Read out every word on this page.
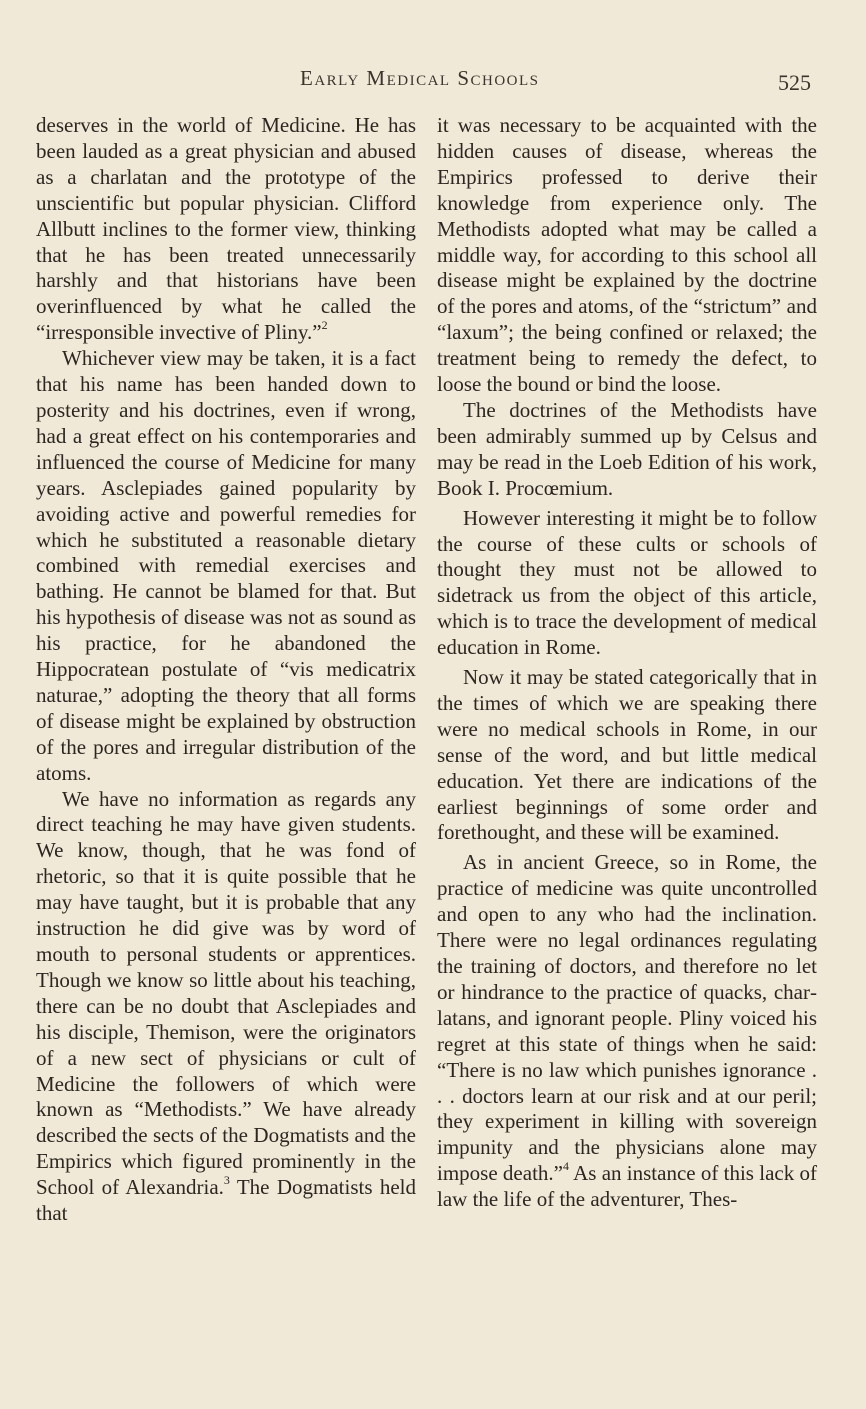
Early Medical Schools	525

deserves in the world of Medicine. He has been lauded as a great physician and abused as a charlatan and the prototype of the unscientific but popular physician. Clifford Allbutt inclines to the former view, thinking that he has been treated unnecessarily harshly and that historians have been overinfluenced by what he called the “irresponsible invective of Pliny.”$^2$

Whichever view may be taken, it is a fact that his name has been handed down to posterity and his doctrines, even if wrong, had a great effect on his contemporaries and influenced the course of Medicine for many years. Asclepiades gained popularity by avoiding active and powerful remedies for which he substituted a reasonable dietary combined with remedial exercises and bathing. He cannot be blamed for that. But his hypothesis of disease was not as sound as his practice, for he abandoned the Hippocratean postulate of “vis medicatrix naturae,” adopting the theory that all forms of disease might be explained by obstruction of the pores and irregular distribution of the atoms.

We have no information as regards any direct teaching he may have given students. We know, though, that he was fond of rhetoric, so that it is quite possible that he may have taught, but it is probable that any instruction he did give was by word of mouth to personal students or apprentices. Though we know so little about his teaching, there can be no doubt that Asclepiades and his disciple, Themison, were the originators of a new sect of physicians or cult of Medicine the followers of which were known as “Methodists.” We have already described the sects of the Dogmatists and the Empirics which figured prominently in the School of Alexandria.$^3$ The Dogmatists held that

it was necessary to be acquainted with the hidden causes of disease, whereas the Empirics professed to derive their knowledge from experience only. The Methodists adopted what may be called a middle way, for according to this school all disease might be explained by the doctrine of the pores and atoms, of the “strictum” and “laxum”; the being confined or relaxed; the treatment being to remedy the defect, to loose the bound or bind the loose.

The doctrines of the Methodists have been admirably summed up by Celsus and may be read in the Loeb Edition of his work, Book I. Procœmium.

However interesting it might be to follow the course of these cults or schools of thought they must not be allowed to sidetrack us from the object of this article, which is to trace the development of medical education in Rome.

Now it may be stated categorically that in the times of which we are speaking there were no medical schools in Rome, in our sense of the word, and but little medical education. Yet there are indications of the earliest beginnings of some order and forethought, and these will be examined.

As in ancient Greece, so in Rome, the practice of medicine was quite uncontrolled and open to any who had the inclination. There were no legal ordinances regulating the training of doctors, and therefore no let or hindrance to the practice of quacks, charlatans, and ignorant people. Pliny voiced his regret at this state of things when he said: “There is no law which punishes ignorance . . . doctors learn at our risk and at our peril; they experiment in killing with sovereign impunity and the physicians alone may impose death.”$^4$ As an instance of this lack of law the life of the adventurer, Thes-
